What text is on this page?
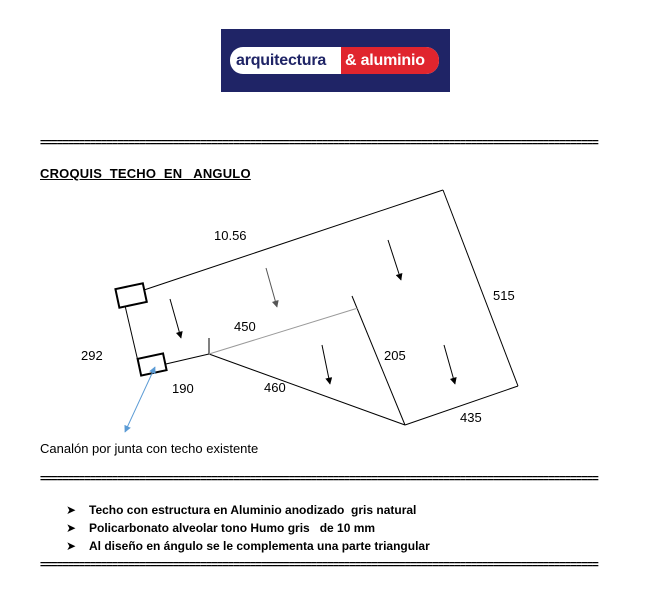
arquitectura & aluminio
=====================================================================================================
CROQUIS  TECHO  EN   ANGULO
10.56
515
450
292	205
190	460
435
Canalón por junta con techo existente
=====================================================================================================
➤	Techo con estructura en Aluminio anodizado  gris natural
➤	Policarbonato alveolar tono Humo gris   de 10 mm
➤	Al diseño en ángulo se le complementa una parte triangular
=====================================================================================================
